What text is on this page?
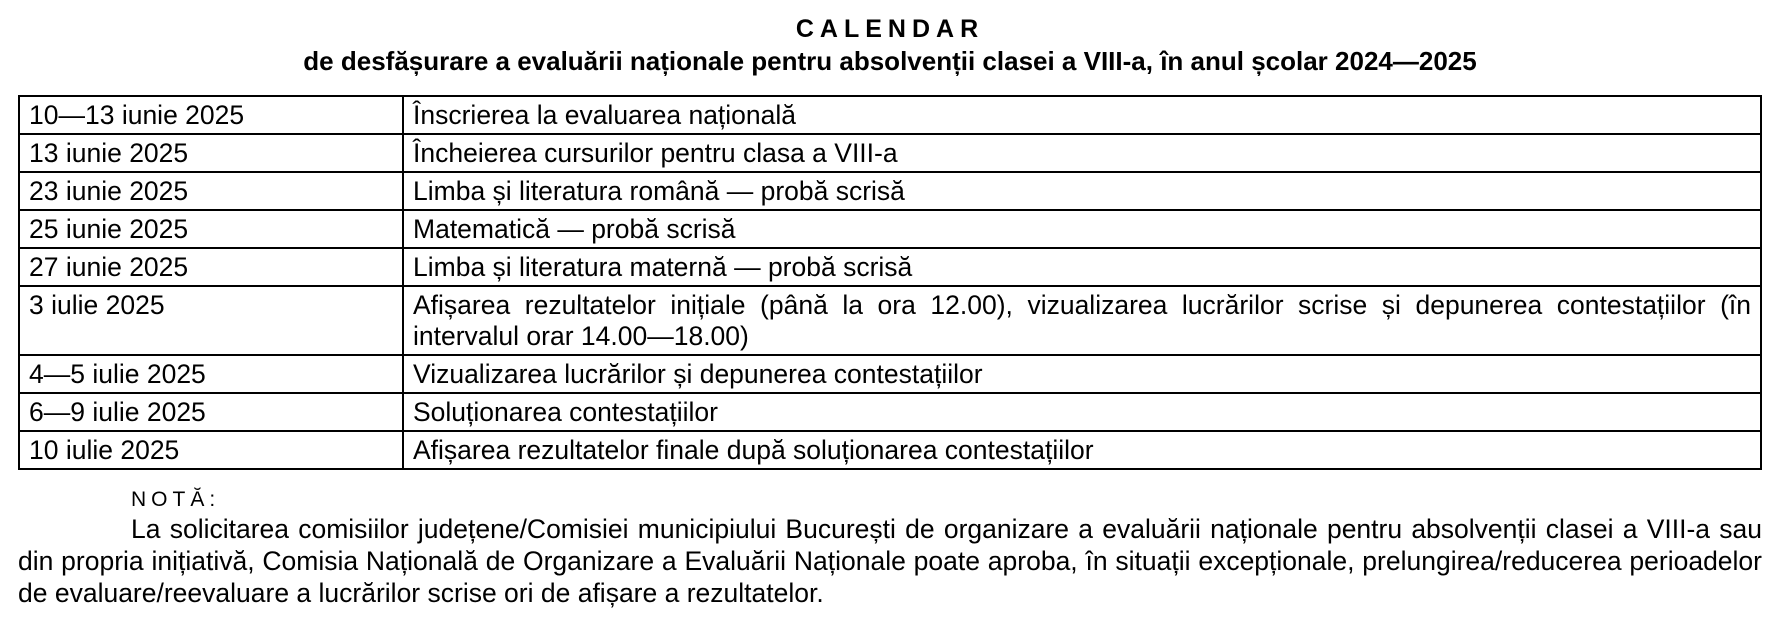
CALENDAR
de desfășurare a evaluării naționale pentru absolvenții clasei a VIII-a, în anul școlar 2024—2025
10—13 iunie 2025	Înscrierea la evaluarea națională
13 iunie 2025	Încheierea cursurilor pentru clasa a VIII-a
23 iunie 2025	Limba și literatura română — probă scrisă
25 iunie 2025	Matematică — probă scrisă
27 iunie 2025	Limba și literatura maternă — probă scrisă
3 iulie 2025	Afișarea rezultatelor inițiale (până la ora 12.00), vizualizarea lucrărilor scrise și depunerea contestațiilor (în intervalul orar 14.00—18.00)
4—5 iulie 2025	Vizualizarea lucrărilor și depunerea contestațiilor
6—9 iulie 2025	Soluționarea contestațiilor
10 iulie 2025	Afișarea rezultatelor finale după soluționarea contestațiilor
NOTĂ:

La solicitarea comisiilor județene/Comisiei municipiului București de organizare a evaluării naționale pentru absolvenții clasei a VIII-a sau din propria inițiativă, Comisia Națională de Organizare a Evaluării Naționale poate aproba, în situații excepționale, prelungirea/reducerea perioadelor de evaluare/reevaluare a lucrărilor scrise ori de afișare a rezultatelor.
